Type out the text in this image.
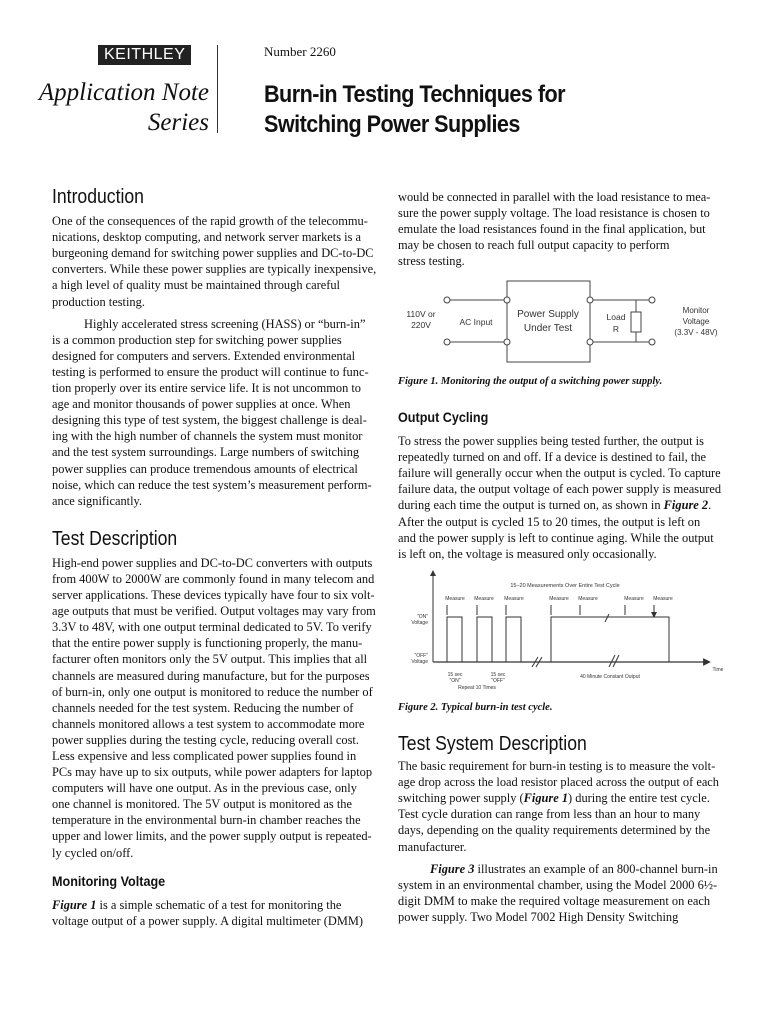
KEITHLEY
Application Note
Series
Number 2260
Burn-in Testing Techniques for
Switching Power Supplies
Introduction
One of the consequences of the rapid growth of the telecommu-
nications, desktop computing, and network server markets is a
burgeoning demand for switching power supplies and DC-to-DC
converters. While these power supplies are typically inexpensive,
a high level of quality must be maintained through careful
production testing.
Highly accelerated stress screening (HASS) or “burn-in”
is a common production step for switching power supplies
designed for computers and servers. Extended environmental
testing is performed to ensure the product will continue to func-
tion properly over its entire service life. It is not uncommon to
age and monitor thousands of power supplies at once. When
designing this type of test system, the biggest challenge is deal-
ing with the high number of channels the system must monitor
and the test system surroundings. Large numbers of switching
power supplies can produce tremendous amounts of electrical
noise, which can reduce the test system’s measurement perform-
ance significantly.
Test Description
High-end power supplies and DC-to-DC converters with outputs
from 400W to 2000W are commonly found in many telecom and
server applications. These devices typically have four to six volt-
age outputs that must be verified. Output voltages may vary from
3.3V to 48V, with one output terminal dedicated to 5V. To verify
that the entire power supply is functioning properly, the manu-
facturer often monitors only the 5V output. This implies that all
channels are measured during manufacture, but for the purposes
of burn-in, only one output is monitored to reduce the number of
channels needed for the test system. Reducing the number of
channels monitored allows a test system to accommodate more
power supplies during the testing cycle, reducing overall cost.
Less expensive and less complicated power supplies found in
PCs may have up to six outputs, while power adapters for laptop
computers will have one output. As in the previous case, only
one channel is monitored. The 5V output is monitored as the
temperature in the environmental burn-in chamber reaches the
upper and lower limits, and the power supply output is repeated-
ly cycled on/off.
Monitoring Voltage
Figure 1 is a simple schematic of a test for monitoring the
voltage output of a power supply. A digital multimeter (DMM)
would be connected in parallel with the load resistance to mea-
sure the power supply voltage. The load resistance is chosen to
emulate the load resistances found in the final application, but
may be chosen to reach full output capacity to perform
stress testing.
110V or
220V	AC Input
Power Supply
Under Test
Load
R
Monitor
Voltage
(3.3V - 48V)
Figure 1. Monitoring the output of a switching power supply.
Output Cycling
To stress the power supplies being tested further, the output is
repeatedly turned on and off. If a device is destined to fail, the
failure will generally occur when the output is cycled. To capture
failure data, the output voltage of each power supply is measured
during each time the output is turned on, as shown in Figure 2.
After the output is cycled 15 to 20 times, the output is left on
and the power supply is left to continue aging. While the output
is left on, the voltage is measured only occasionally.
15–20 Measurements Over Entire Test Cycle
Measure Measure Measure	Measure Measure	Measure Measure
"ON"
Voltage
"OFF"
Voltage
15 sec
"ON"
15 sec
"OFF"
Repeat 10 Times
40 Minute Constant Output
Time
Figure 2. Typical burn-in test cycle.
Test System Description
The basic requirement for burn-in testing is to measure the volt-
age drop across the load resistor placed across the output of each
switching power supply (Figure 1) during the entire test cycle.
Test cycle duration can range from less than an hour to many
days, depending on the quality requirements determined by the
manufacturer.
Figure 3 illustrates an example of an 800-channel burn-in
system in an environmental chamber, using the Model 2000 6½-
digit DMM to make the required voltage measurement on each
power supply. Two Model 7002 High Density Switching
